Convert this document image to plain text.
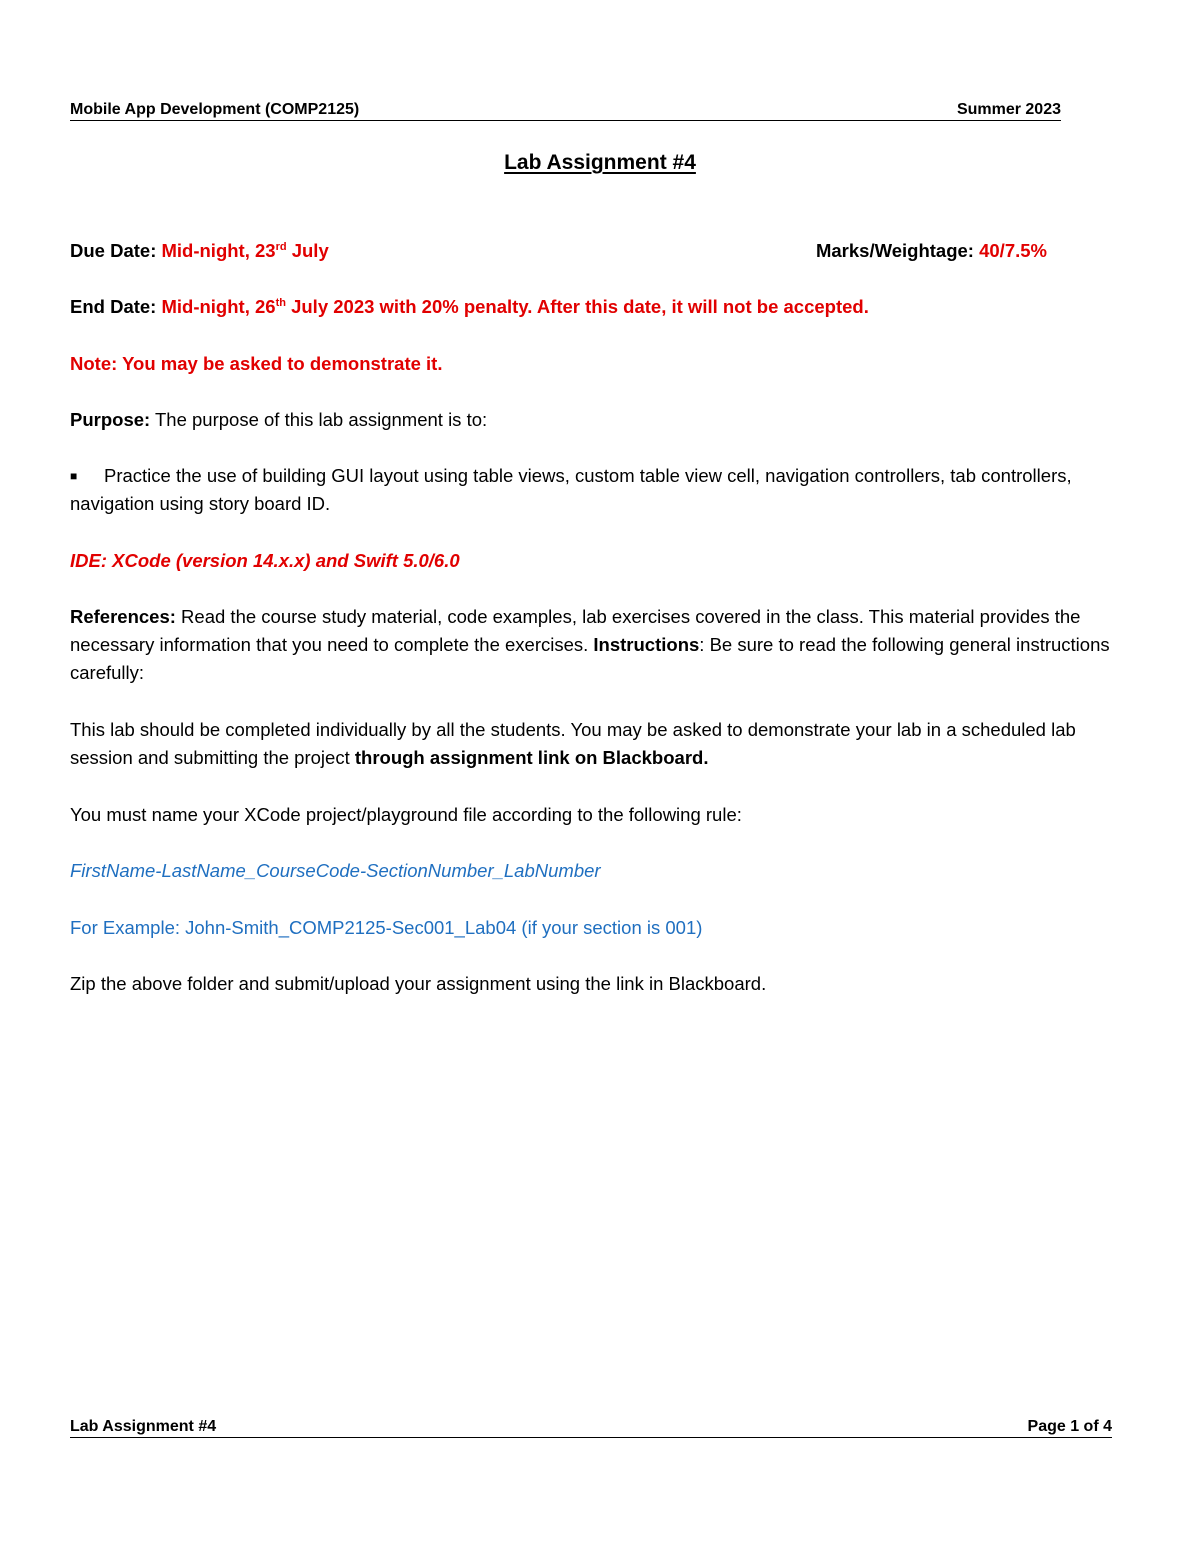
Mobile App Development (COMP2125)	Summer 2023
Lab Assignment #4
Due Date: Mid-night, 23rd July	Marks/Weightage: 40/7.5%
End Date: Mid-night, 26th July 2023 with 20% penalty. After this date, it will not be accepted.
Note: You may be asked to demonstrate it.
Purpose: The purpose of this lab assignment is to:
■ Practice the use of building GUI layout using table views, custom table view cell, navigation controllers, tab controllers, navigation using story board ID.
IDE: XCode (version 14.x.x) and Swift 5.0/6.0
References: Read the course study material, code examples, lab exercises covered in the class. This material provides the necessary information that you need to complete the exercises. Instructions: Be sure to read the following general instructions carefully:
This lab should be completed individually by all the students. You may be asked to demonstrate your lab in a scheduled lab session and submitting the project through assignment link on Blackboard.
You must name your XCode project/playground file according to the following rule:
FirstName-LastName_CourseCode-SectionNumber_LabNumber
For Example: John-Smith_COMP2125-Sec001_Lab04 (if your section is 001)
Zip the above folder and submit/upload your assignment using the link in Blackboard.
Lab Assignment #4	Page 1 of 4
